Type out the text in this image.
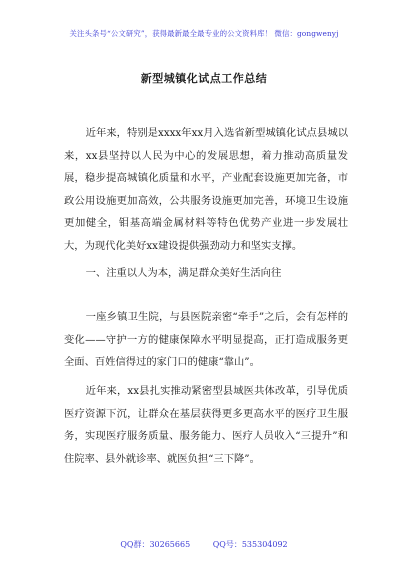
关注头条号“公文研究”，获得最新最全最专业的公文资料库！ 微信：gongwenyj
新型城镇化试点工作总结

近年来，特别是xxxx年xx月入选省新型城镇化试点县城以来，xx县坚持以人民为中心的发展思想，着力推动高质量发展，稳步提高城镇化质量和水平，产业配套设施更加完备，市政公用设施更加高效，公共服务设施更加完善，环境卫生设施更加健全，钼基高端金属材料等特色优势产业进一步发展壮大，为现代化美好xx建设提供强劲动力和坚实支撑。

一、注重以人为本，满足群众美好生活向往

一座乡镇卫生院，与县医院亲密“牵手”之后，会有怎样的变化——守护一方的健康保障水平明显提高，正打造成服务更全面、百姓信得过的家门口的健康“靠山”。

近年来，xx县扎实推动紧密型县域医共体改革，引导优质医疗资源下沉，让群众在基层获得更多更高水平的医疗卫生服务，实现医疗服务质量、服务能力、医疗人员收入“三提升”和住院率、县外就诊率、就医负担“三下降”。

QQ群：30265665	QQ号：535304092
